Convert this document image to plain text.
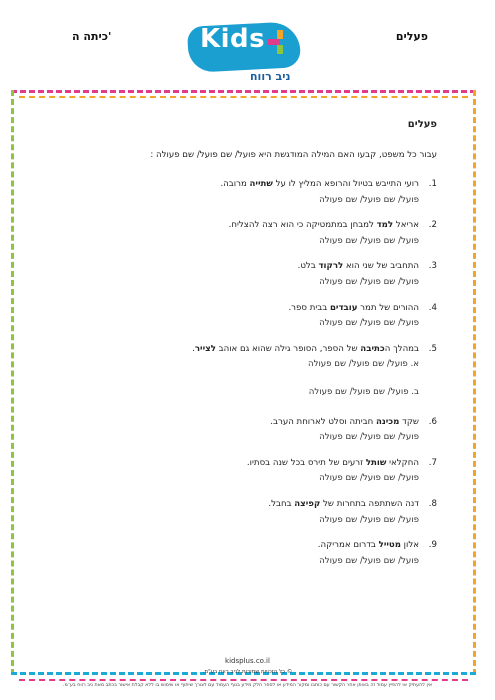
פעלים
כיתה ה'	Kids
ניב רווח
פעלים
עבור כל משפט, קבעו האם המילה המודגשת היא פועל/ שם פועל/ שם פעולה :
1.רועי התייבש בטיול והרופא המליץ לו על שתייה מרובה.
פועל/ שם פועל/ שם פעולה
2.אריאל למד למבחן במתמטיקה כי הוא רצה להצליח.
פועל/ שם פועל/ שם פעולה
3.התחביב של שני הוא לרקוד בלט.
פועל/ שם פועל/ שם פעולה
4.ההורים של תמר עובדים בבית ספר.
פועל/ שם פועל/ שם פעולה
5.במהלך הכתיבה של הספר, הסופר גילה שהוא גם אוהב לצייר.
א. פועל/ שם פועל/ שם פעולה
ב. פועל/ שם פועל/ שם פעולה
6.שקד מכינה חביתה וסלט לארוחת הערב.
פועל/ שם פועל/ שם פעולה
7.החקלאי שותל זרעים של תירס בכל שנה בסתיו.
פועל/ שם פועל/ שם פעולה
8.דנה השתתפה בתחרות של קפיצה בחבל.
פועל/ שם פועל/ שם פעולה
9.אלון מטייל בדרום אמריקה.
פועל/ שם פועל/ שם פעולה
kidsplus.co.il
© כל הזכויות שמורות לניב רווח בע"מ.
אין להעתיק או להפיץ עמוד זה באופן אחר הקשור עם כותבו ומקור המידע או לספר חלק מידע בגוף העמוד עם לצורך שיתוף או שימוש בו ללא קבלת אישור בכתב מאת ניב רווח בע"מ.
